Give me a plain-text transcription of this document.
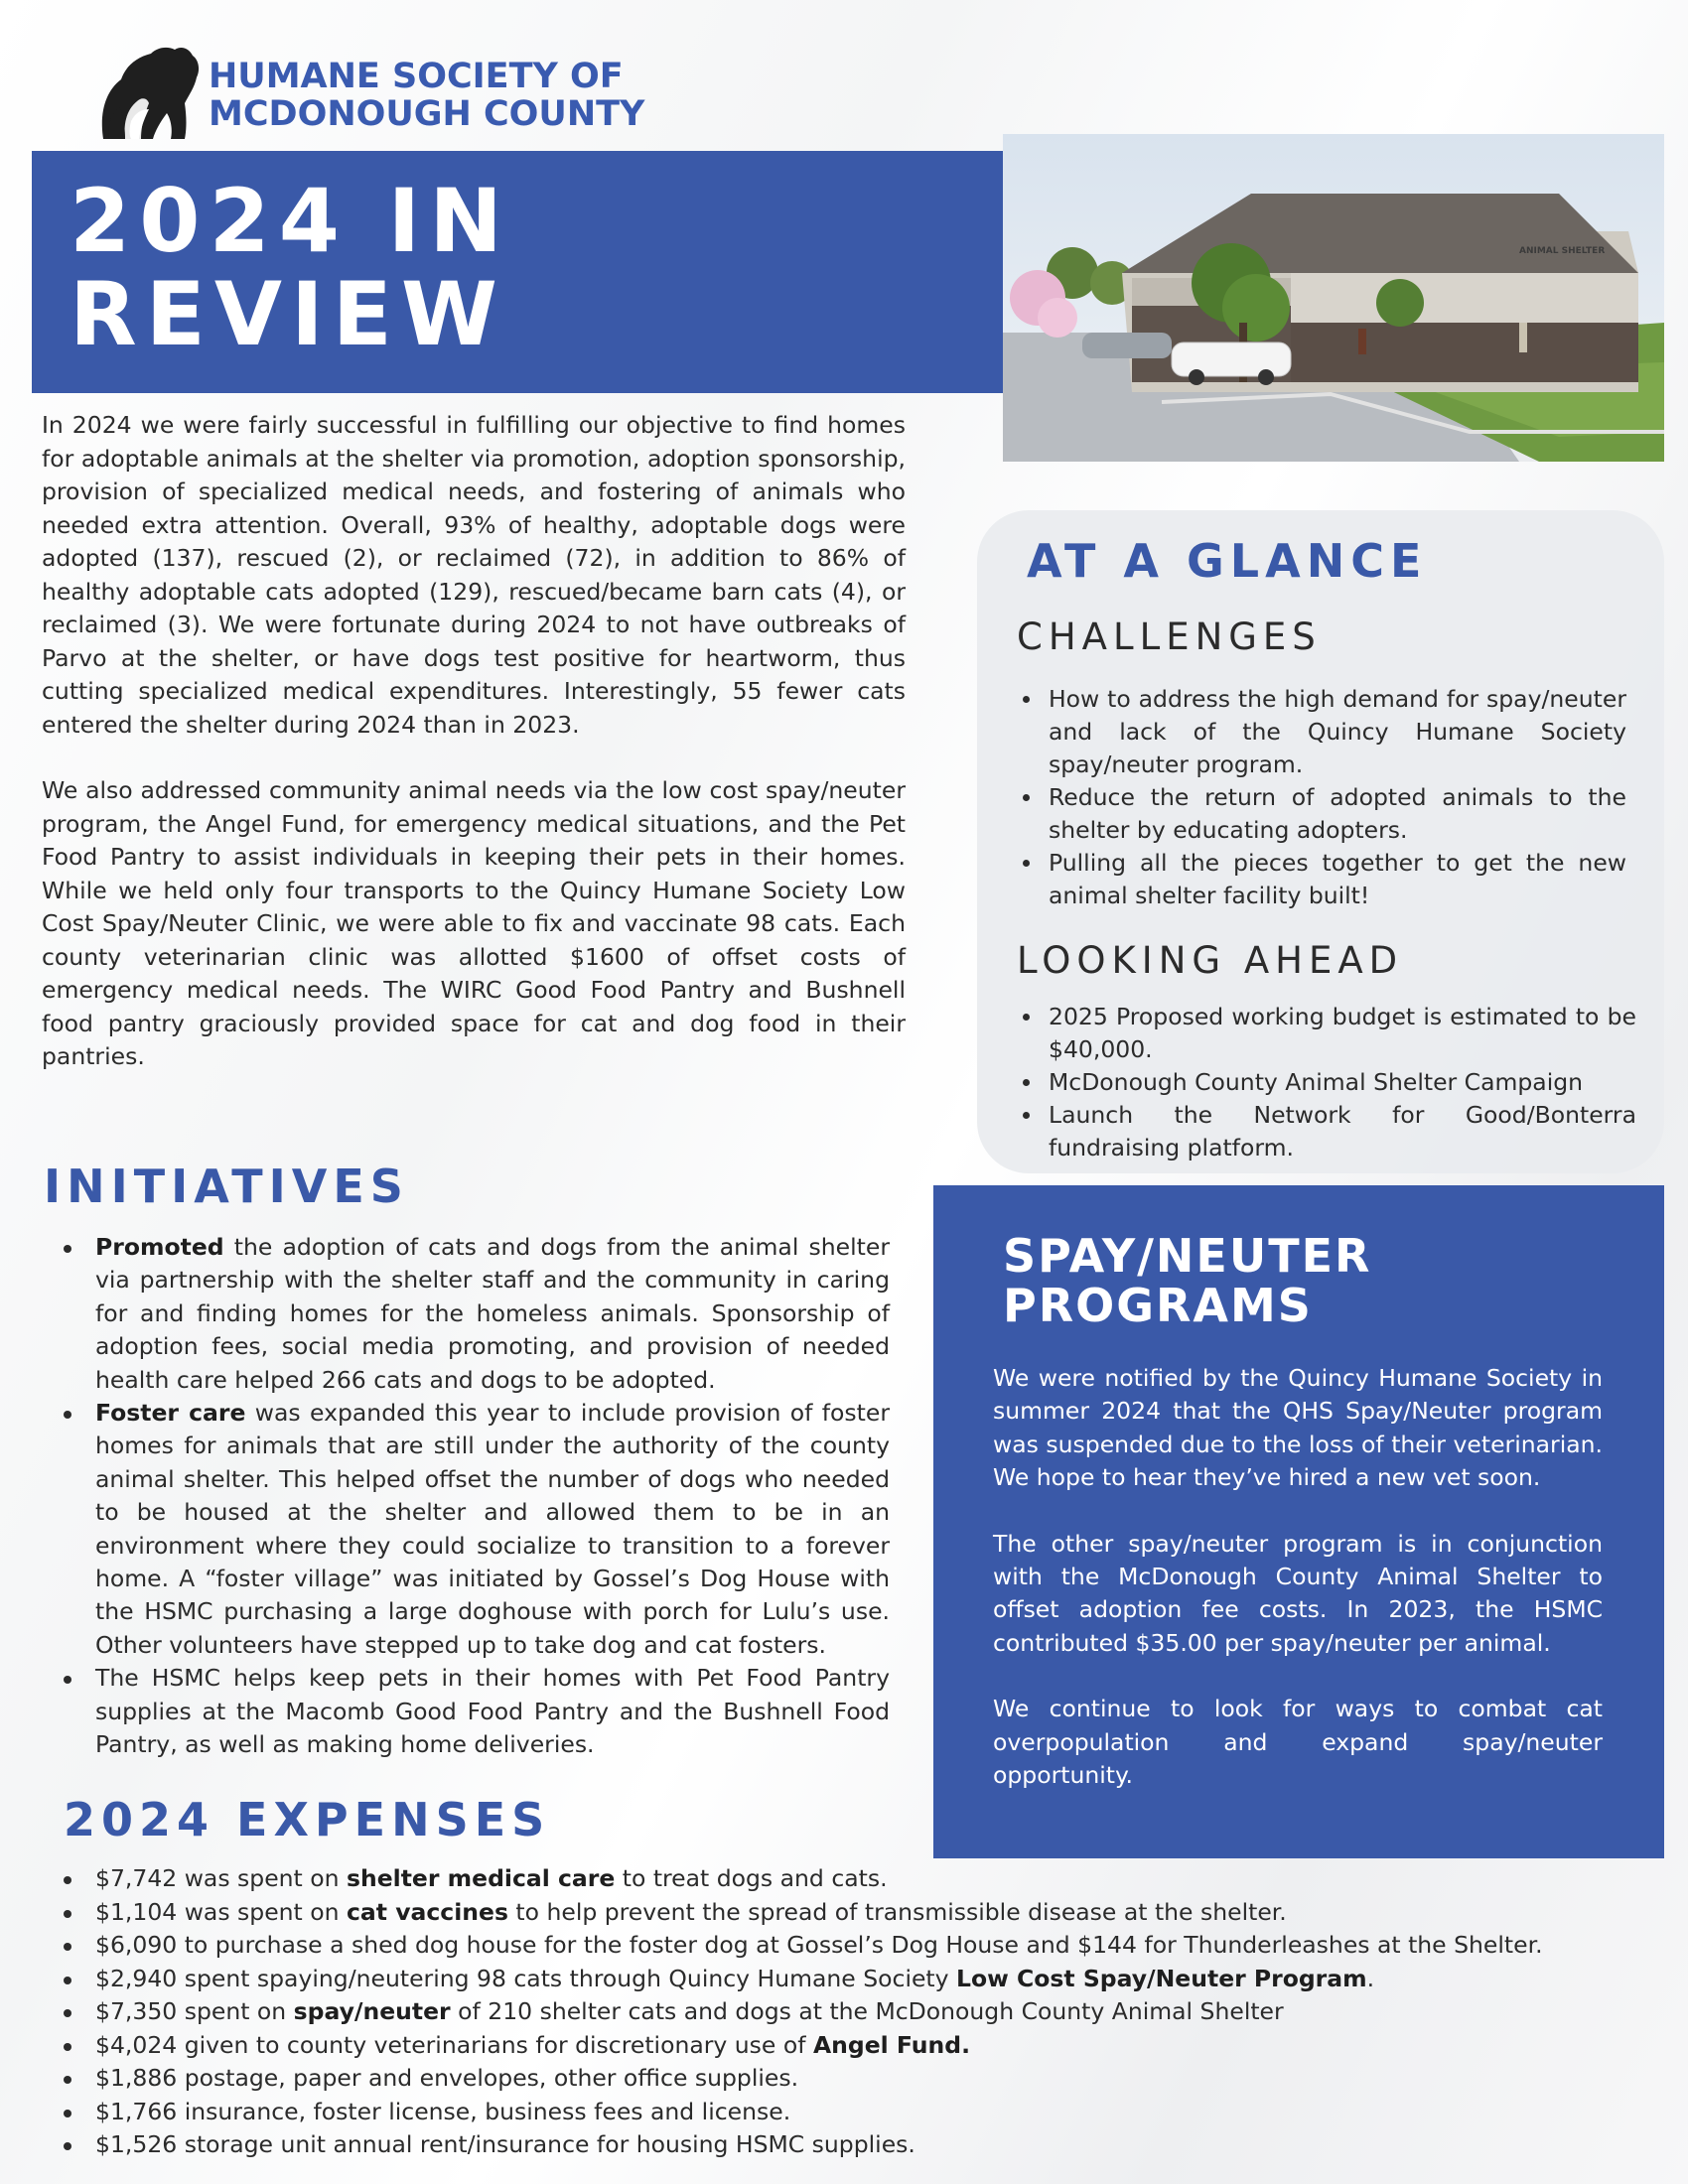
HUMANE SOCIETY OF
MCDONOUGH COUNTY
2024 IN
REVIEW
ANIMAL SHELTER

In 2024 we were fairly successful in fulfilling our objective to find homes for adoptable animals at the shelter via promotion, adoption sponsorship, provision of specialized medical needs, and fostering of animals who needed extra attention. Overall, 93% of healthy, adoptable dogs were adopted (137), rescued (2), or reclaimed (72), in addition to 86% of healthy adoptable cats adopted (129), rescued/became barn cats (4), or reclaimed (3). We were fortunate during 2024 to not have outbreaks of Parvo at the shelter, or have dogs test positive for heartworm, thus cutting specialized medical expenditures. Interestingly, 55 fewer cats entered the shelter during 2024 than in 2023.

We also addressed community animal needs via the low cost spay/neuter program, the Angel Fund, for emergency medical situations, and the Pet Food Pantry to assist individuals in keeping their pets in their homes. While we held only four transports to the Quincy Humane Society Low Cost Spay/Neuter Clinic, we were able to fix and vaccinate 98 cats. Each county veterinarian clinic was allotted $1600 of offset costs of emergency medical needs. The WIRC Good Food Pantry and Bushnell food pantry graciously provided space for cat and dog food in their pantries.

AT A GLANCE
CHALLENGES
How to address the high demand for spay/neuter and lack of the Quincy Humane Society spay/neuter program.
Reduce the return of adopted animals to the shelter by educating adopters.
Pulling all the pieces together to get the new animal shelter facility built!
LOOKING AHEAD
2025 Proposed working budget is estimated to be $40,000.
McDonough County Animal Shelter Campaign
Launch the Network for Good/Bonterra fundraising platform.
INITIATIVES
Promoted the adoption of cats and dogs from the animal shelter via partnership with the shelter staff and the community in caring for and finding homes for the homeless animals. Sponsorship of adoption fees, social media promoting, and provision of needed health care helped 266 cats and dogs to be adopted.
Foster care was expanded this year to include provision of foster homes for animals that are still under the authority of the county animal shelter. This helped offset the number of dogs who needed to be housed at the shelter and allowed them to be in an environment where they could socialize to transition to a forever home. A “foster village” was initiated by Gossel’s Dog House with the HSMC purchasing a large doghouse with porch for Lulu’s use. Other volunteers have stepped up to take dog and cat fosters.
The HSMC helps keep pets in their homes with Pet Food Pantry supplies at the Macomb Good Food Pantry and the Bushnell Food Pantry, as well as making home deliveries.
SPAY/NEUTER
PROGRAMS

We were notified by the Quincy Humane Society in summer 2024 that the QHS Spay/Neuter program was suspended due to the loss of their veterinarian. We hope to hear they’ve hired a new vet soon.

The other spay/neuter program is in conjunction with the McDonough County Animal Shelter to offset adoption fee costs. In 2023, the HSMC contributed $35.00 per spay/neuter per animal.

We continue to look for ways to combat cat overpopulation and expand spay/neuter opportunity.

2024 EXPENSES
$7,742 was spent on shelter medical care to treat dogs and cats.
$1,104 was spent on cat vaccines to help prevent the spread of transmissible disease at the shelter.
$6,090 to purchase a shed dog house for the foster dog at Gossel’s Dog House and $144 for Thunderleashes at the Shelter.
$2,940 spent spaying/neutering 98 cats through Quincy Humane Society Low Cost Spay/Neuter Program.
$7,350 spent on spay/neuter of 210 shelter cats and dogs at the McDonough County Animal Shelter
$4,024 given to county veterinarians for discretionary use of Angel Fund.
$1,886 postage, paper and envelopes, other office supplies.
$1,766 insurance, foster license, business fees and license.
$1,526 storage unit annual rent/insurance for housing HSMC supplies.
